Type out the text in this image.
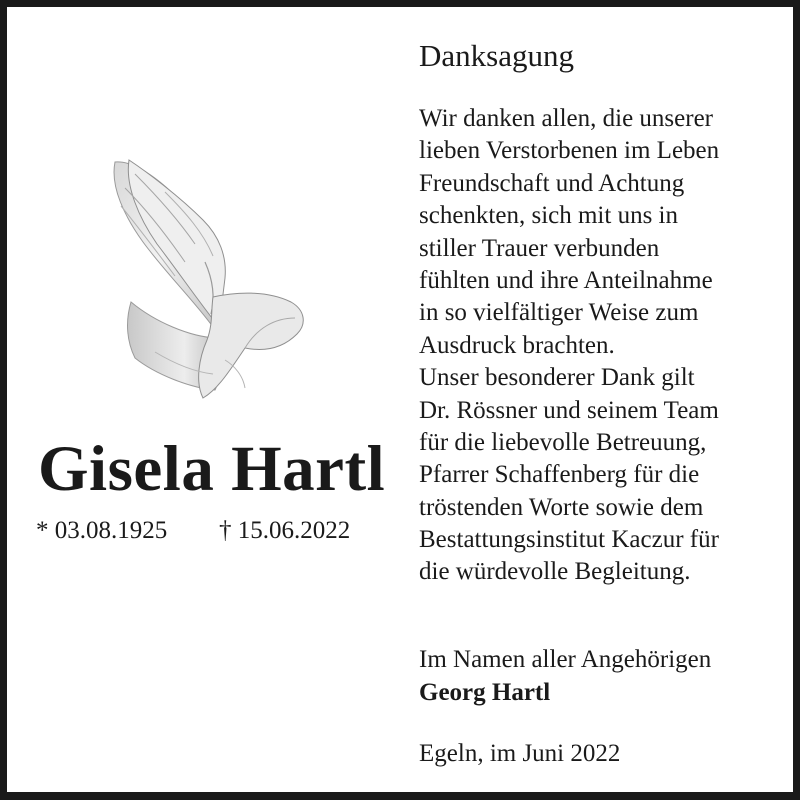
Gisela Hartl
* 03.08.1925 † 15.06.2022
Danksagung
Wir danken allen, die unserer
lieben Verstorbenen im Leben
Freundschaft und Achtung
schenkten, sich mit uns in
stiller Trauer verbunden
fühlten und ihre Anteilnahme
in so vielfältiger Weise zum
Ausdruck brachten.
Unser besonderer Dank gilt
Dr. Rössner und seinem Team
für die liebevolle Betreuung,
Pfarrer Schaffenberg für die
tröstenden Worte sowie dem
Bestattungsinstitut Kaczur für
die würdevolle Begleitung.
Im Namen aller Angehörigen
Georg Hartl
Egeln, im Juni 2022
